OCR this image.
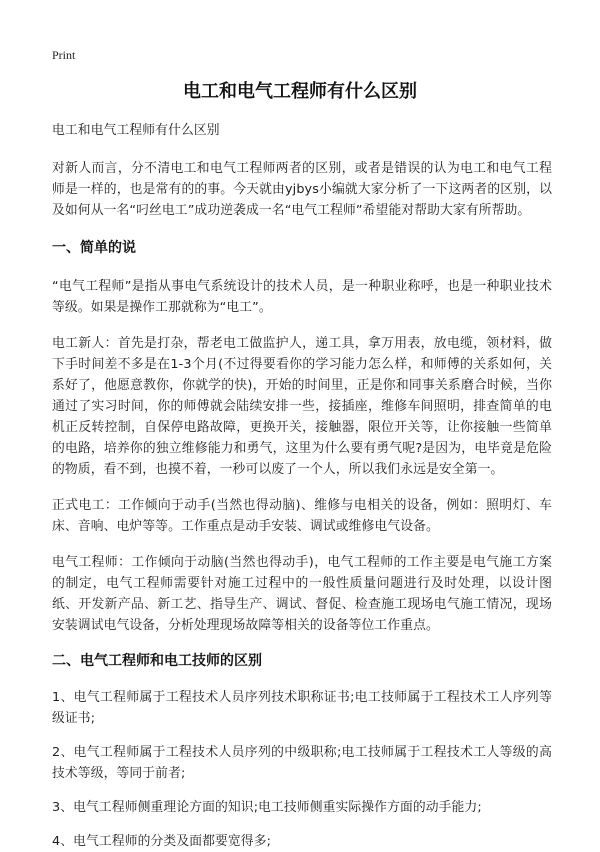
Print
电工和电气工程师有什么区别

电工和电气工程师有什么区别

对新人而言，分不清电工和电气工程师两者的区别，或者是错误的认为电工和电气工程师是一样的，也是常有的的事。今天就由yjbys小编就大家分析了一下这两者的区别，以及如何从一名“叼丝电工”成功逆袭成一名“电气工程师”希望能对帮助大家有所帮助。

一、简单的说

“电气工程师”是指从事电气系统设计的技术人员，是一种职业称呼，也是一种职业技术等级。如果是操作工那就称为“电工”。

电工新人：首先是打杂，帮老电工做监护人，递工具，拿万用表，放电缆，领材料，做下手时间差不多是在1-3个月(不过得要看你的学习能力怎么样，和师傅的关系如何，关系好了，他愿意教你，你就学的快)，开始的时间里，正是你和同事关系磨合时候，当你通过了实习时间，你的师傅就会陆续安排一些，接插座，维修车间照明，排查简单的电机正反转控制，自保停电路故障，更换开关，接触器，限位开关等，让你接触一些简单的电路，培养你的独立维修能力和勇气，这里为什么要有勇气呢?是因为，电毕竟是危险的物质，看不到，也摸不着，一秒可以废了一个人，所以我们永远是安全第一。

正式电工：工作倾向于动手(当然也得动脑)、维修与电相关的设备，例如：照明灯、车床、音响、电炉等等。工作重点是动手安装、调试或维修电气设备。

电气工程师：工作倾向于动脑(当然也得动手)，电气工程师的工作主要是电气施工方案的制定，电气工程师需要针对施工过程中的一般性质量问题进行及时处理，以设计图纸、开发新产品、新工艺、指导生产、调试、督促、检查施工现场电气施工情况，现场安装调试电气设备，分析处理现场故障等相关的设备等位工作重点。

二、电气工程师和电工技师的区别

1、电气工程师属于工程技术人员序列技术职称证书;电工技师属于工程技术工人序列等级证书;

2、电气工程师属于工程技术人员序列的中级职称;电工技师属于工程技术工人等级的高技术等级，等同于前者;

3、电气工程师侧重理论方面的知识;电工技师侧重实际操作方面的动手能力;

4、电气工程师的分类及面都要宽得多;
